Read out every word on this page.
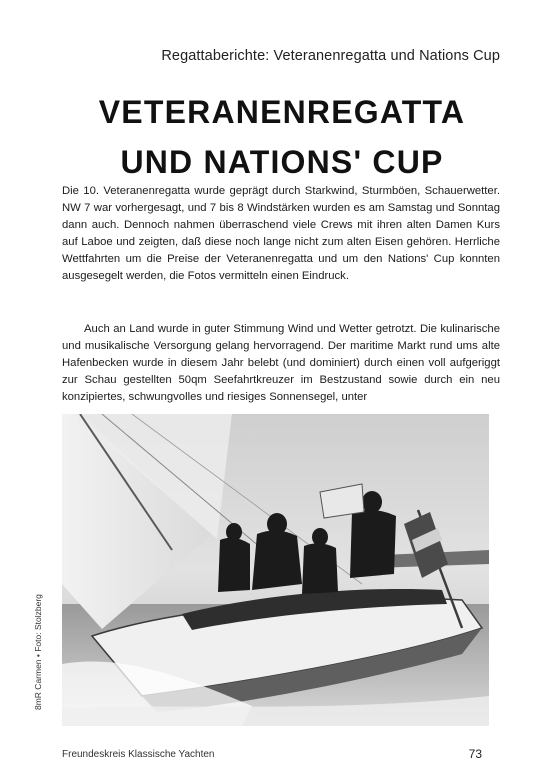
Regattaberichte: Veteranenregatta und Nations Cup
VETERANENREGATTA
UND NATIONS' CUP

Die 10. Veteranenregatta wurde geprägt durch Starkwind, Sturmböen, Schauerwetter. NW 7 war vorhergesagt, und 7 bis 8 Windstärken wurden es am Samstag und Sonntag dann auch. Dennoch nahmen überraschend viele Crews mit ihren alten Damen Kurs auf Laboe und zeigten, daß diese noch lange nicht zum alten Eisen gehören. Herrliche Wettfahrten um die Preise der Veteranenregatta und um den Nations' Cup konnten ausgesegelt werden, die Fotos vermitteln einen Eindruck.

Auch an Land wurde in guter Stimmung Wind und Wetter getrotzt. Die kulinarische und musikalische Versorgung gelang hervorragend. Der maritime Markt rund ums alte Hafenbecken wurde in diesem Jahr belebt (und dominiert) durch einen voll aufgeriggt zur Schau gestellten 50qm Seefahrtkreuzer im Bestzustand sowie durch ein neu konzipiertes, schwungvolles und riesiges Sonnensegel, unter

8mR Carmen • Foto: Stolzberg
Freundeskreis Klassische Yachten	73
